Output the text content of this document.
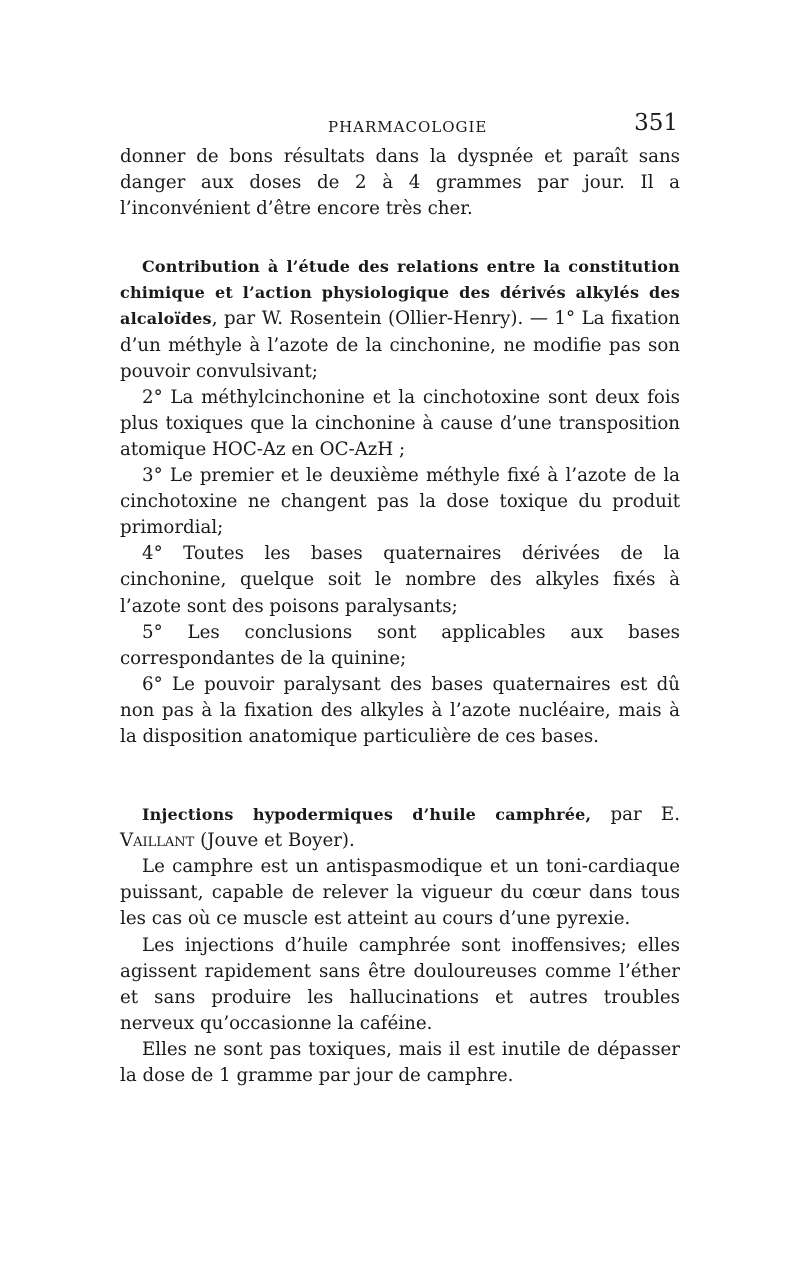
PHARMACOLOGIE	351

donner de bons résultats dans la dyspnée et paraît sans danger aux doses de 2 à 4 grammes par jour. Il a l’inconvénient d’être encore très cher.

Contribution à l’étude des relations entre la constitution chimique et l’action physiologique des dérivés alkylés des alcaloïdes, par W. Rosentein (Ollier-Henry). — 1° La fixation d’un méthyle à l’azote de la cinchonine, ne modifie pas son pouvoir convulsivant;

2° La méthylcinchonine et la cinchotoxine sont deux fois plus toxiques que la cinchonine à cause d’une transposition atomique HOC-Az en OC-AzH ;

3° Le premier et le deuxième méthyle fixé à l’azote de la cinchotoxine ne changent pas la dose toxique du produit primordial;

4° Toutes les bases quaternaires dérivées de la cinchonine, quelque soit le nombre des alkyles fixés à l’azote sont des poisons paralysants;

5° Les conclusions sont applicables aux bases correspondantes de la quinine;

6° Le pouvoir paralysant des bases quaternaires est dû non pas à la fixation des alkyles à l’azote nucléaire, mais à la disposition anatomique particulière de ces bases.

Injections hypodermiques d’huile camphrée, par E. Vaillant (Jouve et Boyer).

Le camphre est un antispasmodique et un toni-cardiaque puissant, capable de relever la vigueur du cœur dans tous les cas où ce muscle est atteint au cours d’une pyrexie.

Les injections d’huile camphrée sont inoffensives; elles agissent rapidement sans être douloureuses comme l’éther et sans produire les hallucinations et autres troubles nerveux qu’occasionne la caféine.

Elles ne sont pas toxiques, mais il est inutile de dépasser la dose de 1 gramme par jour de camphre.
